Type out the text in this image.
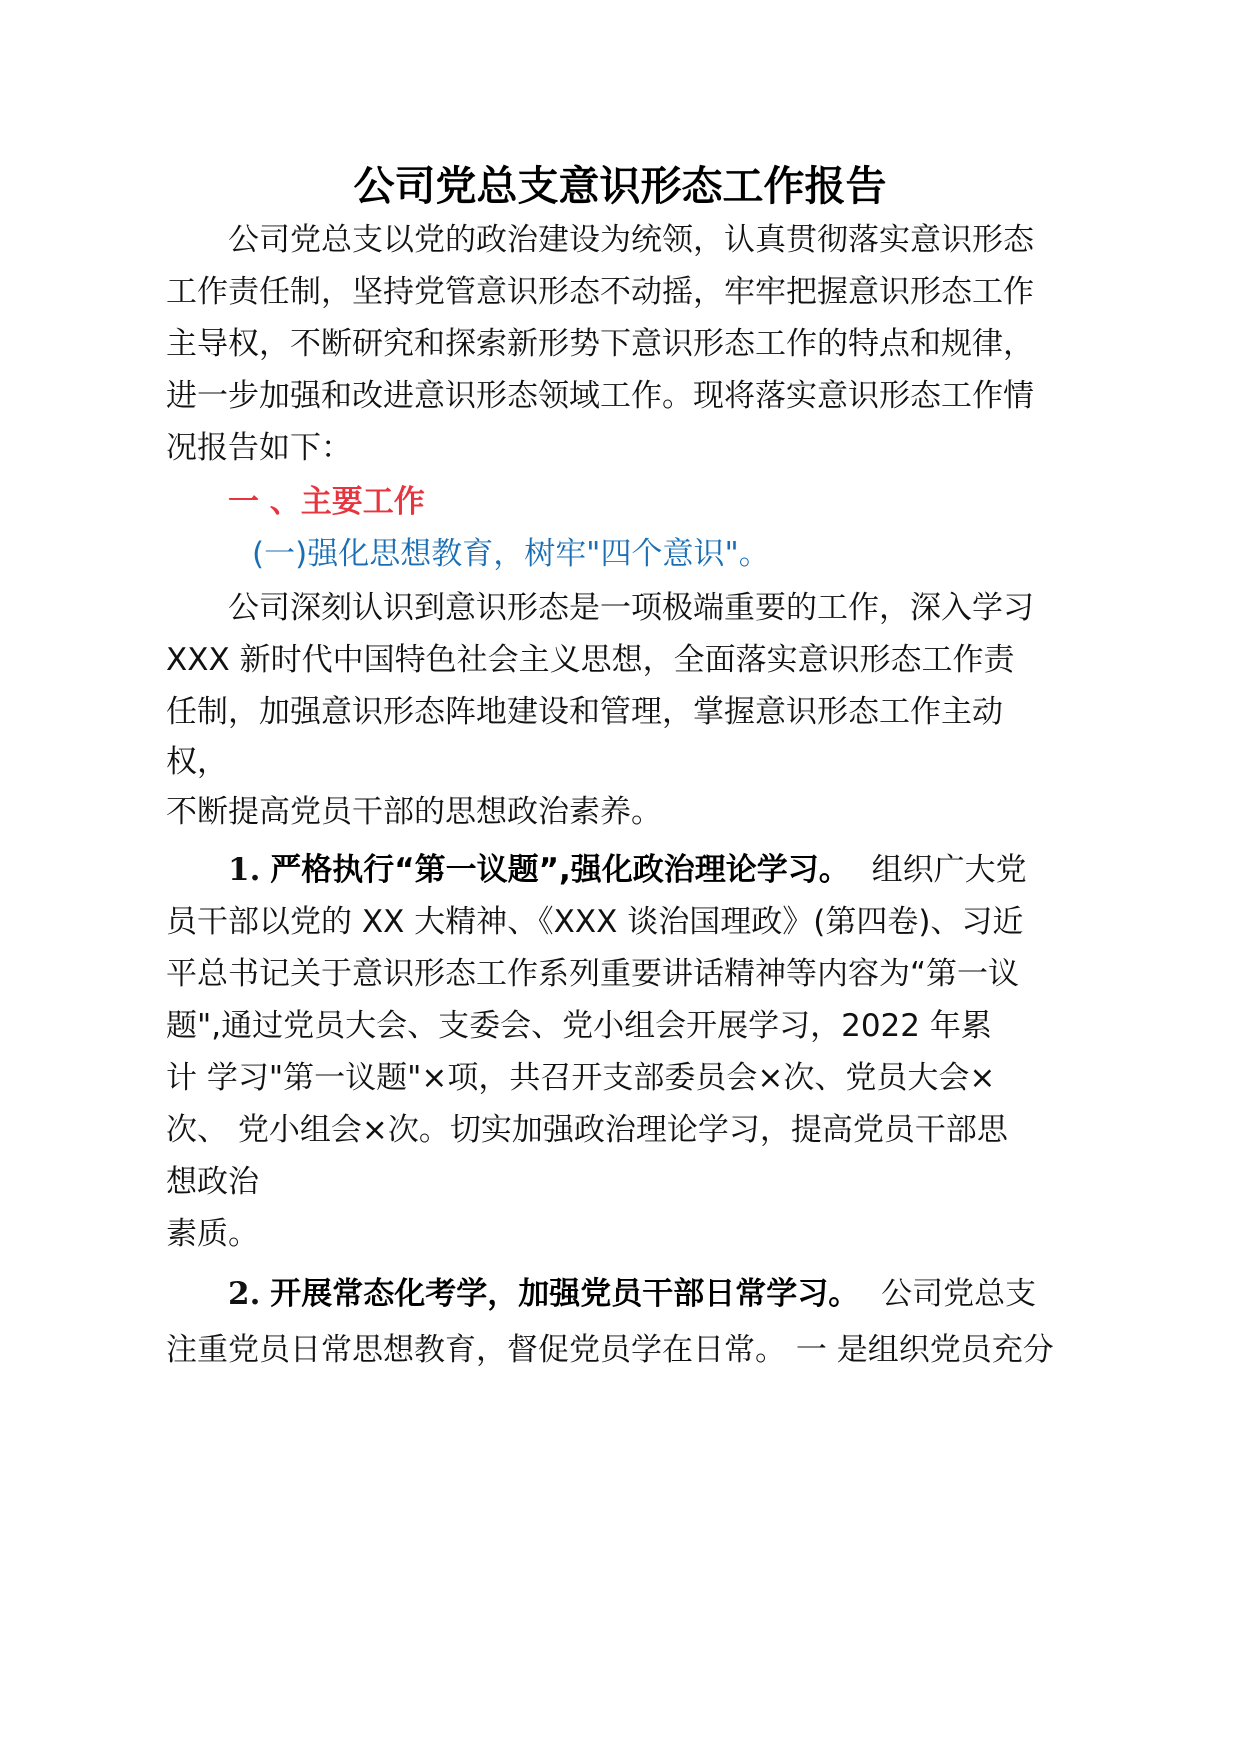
公司党总支意识形态工作报告
公司党总支以党的政治建设为统领，认真贯彻落实意识形态
工作责任制，坚持党管意识形态不动摇，牢牢把握意识形态工作
主导权，不断研究和探索新形势下意识形态工作的特点和规律，
进一步加强和改进意识形态领域工作。现将落实意识形态工作情
况报告如下：
一 、主要工作
(一)强化思想教育，树牢"四个意识"。
公司深刻认识到意识形态是一项极端重要的工作，深入学习
XXX 新时代中国特色社会主义思想，全面落实意识形态工作责
任制，加强意识形态阵地建设和管理，掌握意识形态工作主动
权，
不断提高党员干部的思想政治素养。
1. 严格执行“第一议题”,强化政治理论学习。 组织广大党
员干部以党的 XX 大精神、《XXX 谈治国理政》(第四卷)、习近
平总书记关于意识形态工作系列重要讲话精神等内容为“第一议
题",通过党员大会、支委会、党小组会开展学习，2022 年累
计 学习"第一议题"×项，共召开支部委员会×次、党员大会×
次、 党小组会×次。切实加强政治理论学习，提高党员干部思
想政治
素质。
2. 开展常态化考学，加强党员干部日常学习。 公司党总支
注重党员日常思想教育，督促党员学在日常。 一 是组织党员充分
